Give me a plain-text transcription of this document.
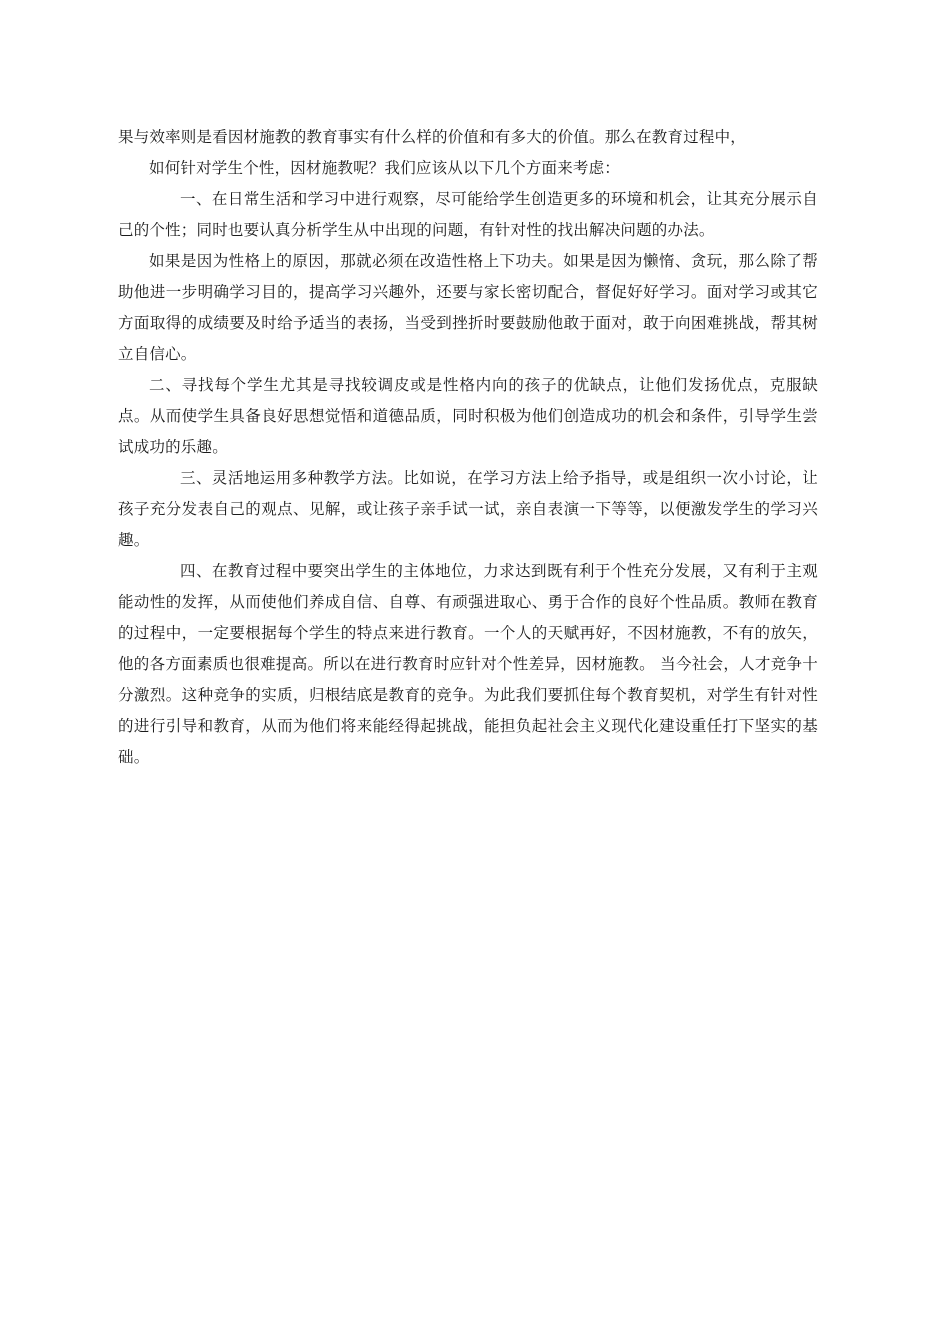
果与效率则是看因材施教的教育事实有什么样的价值和有多大的价值。那么在教育过程中，

如何针对学生个性，因材施教呢？我们应该从以下几个方面来考虑：

一、在日常生活和学习中进行观察，尽可能给学生创造更多的环境和机会，让其充分展示自己的个性；同时也要认真分析学生从中出现的问题，有针对性的找出解决问题的办法。

如果是因为性格上的原因，那就必须在改造性格上下功夫。如果是因为懒惰、贪玩，那么除了帮助他进一步明确学习目的，提高学习兴趣外，还要与家长密切配合，督促好好学习。面对学习或其它方面取得的成绩要及时给予适当的表扬，当受到挫折时要鼓励他敢于面对，敢于向困难挑战，帮其树立自信心。

二、寻找每个学生尤其是寻找较调皮或是性格内向的孩子的优缺点，让他们发扬优点，克服缺点。从而使学生具备良好思想觉悟和道德品质，同时积极为他们创造成功的机会和条件，引导学生尝试成功的乐趣。

三、灵活地运用多种教学方法。比如说，在学习方法上给予指导，或是组织一次小讨论，让孩子充分发表自己的观点、见解，或让孩子亲手试一试，亲自表演一下等等，以便激发学生的学习兴趣。

四、在教育过程中要突出学生的主体地位，力求达到既有利于个性充分发展，又有利于主观能动性的发挥，从而使他们养成自信、自尊、有顽强进取心、勇于合作的良好个性品质。教师在教育的过程中，一定要根据每个学生的特点来进行教育。一个人的天赋再好，不因材施教，不有的放矢，他的各方面素质也很难提高。所以在进行教育时应针对个性差异，因材施教。 当今社会，人才竞争十分激烈。这种竞争的实质，归根结底是教育的竞争。为此我们要抓住每个教育契机，对学生有针对性的进行引导和教育，从而为他们将来能经得起挑战，能担负起社会主义现代化建设重任打下坚实的基础。
